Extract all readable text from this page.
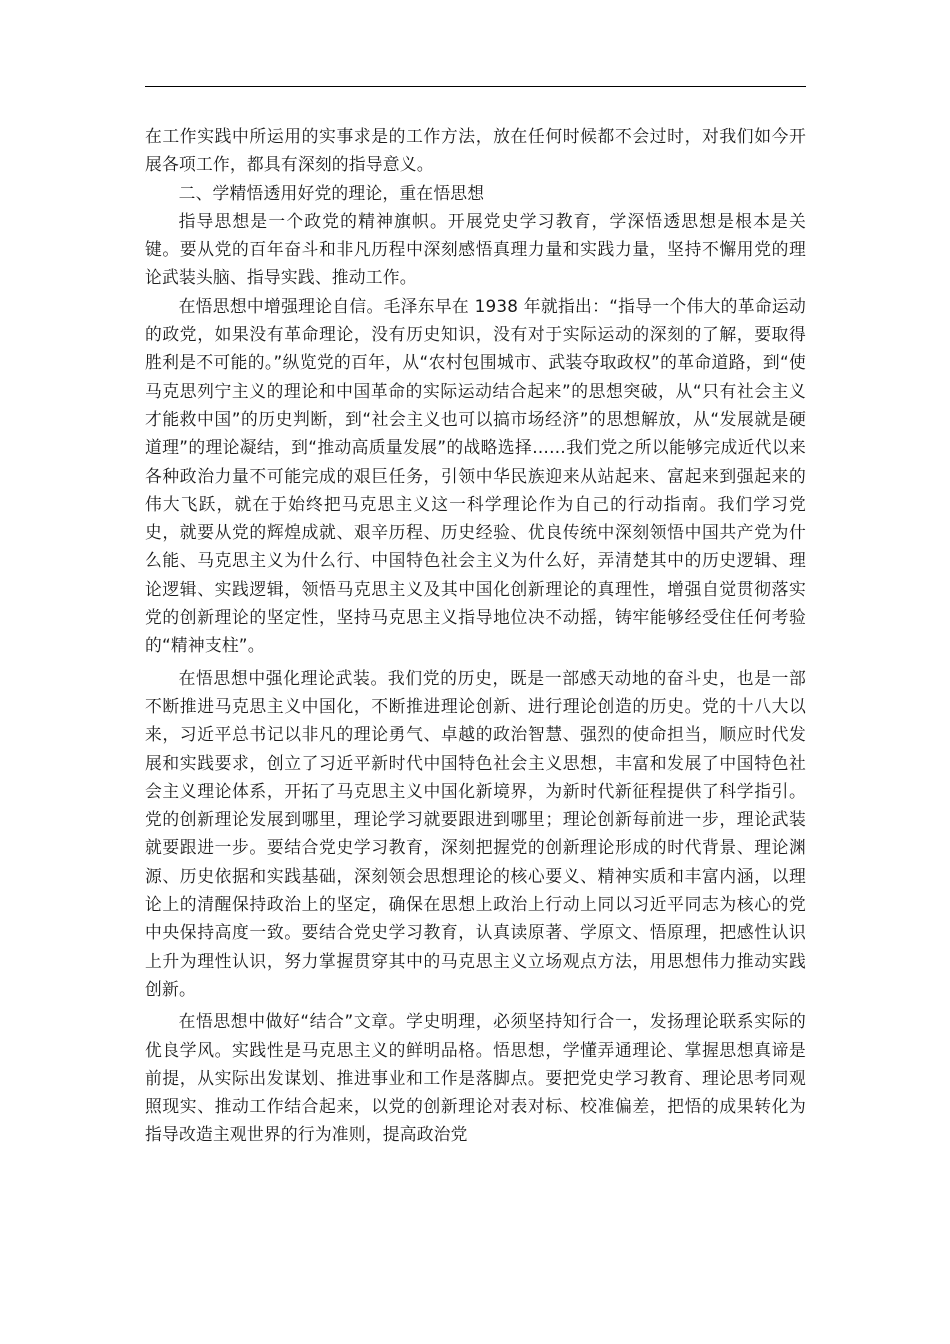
在工作实践中所运用的实事求是的工作方法，放在任何时候都不会过时，对我们如今开展各项工作，都具有深刻的指导意义。

二、学精悟透用好党的理论，重在悟思想

指导思想是一个政党的精神旗帜。开展党史学习教育，学深悟透思想是根本是关键。要从党的百年奋斗和非凡历程中深刻感悟真理力量和实践力量，坚持不懈用党的理论武装头脑、指导实践、推动工作。

在悟思想中增强理论自信。毛泽东早在 1938 年就指出：“指导一个伟大的革命运动的政党，如果没有革命理论，没有历史知识，没有对于实际运动的深刻的了解，要取得胜利是不可能的。”纵览党的百年，从“农村包围城市、武装夺取政权”的革命道路，到“使马克思列宁主义的理论和中国革命的实际运动结合起来”的思想突破，从“只有社会主义才能救中国”的历史判断，到“社会主义也可以搞市场经济”的思想解放，从“发展就是硬道理”的理论凝结，到“推动高质量发展”的战略选择……我们党之所以能够完成近代以来各种政治力量不可能完成的艰巨任务，引领中华民族迎来从站起来、富起来到强起来的伟大飞跃，就在于始终把马克思主义这一科学理论作为自己的行动指南。我们学习党史，就要从党的辉煌成就、艰辛历程、历史经验、优良传统中深刻领悟中国共产党为什么能、马克思主义为什么行、中国特色社会主义为什么好，弄清楚其中的历史逻辑、理论逻辑、实践逻辑，领悟马克思主义及其中国化创新理论的真理性，增强自觉贯彻落实党的创新理论的坚定性，坚持马克思主义指导地位决不动摇，铸牢能够经受住任何考验的“精神支柱”。

在悟思想中强化理论武装。我们党的历史，既是一部感天动地的奋斗史，也是一部不断推进马克思主义中国化，不断推进理论创新、进行理论创造的历史。党的十八大以来，习近平总书记以非凡的理论勇气、卓越的政治智慧、强烈的使命担当，顺应时代发展和实践要求，创立了习近平新时代中国特色社会主义思想，丰富和发展了中国特色社会主义理论体系，开拓了马克思主义中国化新境界，为新时代新征程提供了科学指引。党的创新理论发展到哪里，理论学习就要跟进到哪里；理论创新每前进一步，理论武装就要跟进一步。要结合党史学习教育，深刻把握党的创新理论形成的时代背景、理论渊源、历史依据和实践基础，深刻领会思想理论的核心要义、精神实质和丰富内涵，以理论上的清醒保持政治上的坚定，确保在思想上政治上行动上同以习近平同志为核心的党中央保持高度一致。要结合党史学习教育，认真读原著、学原文、悟原理，把感性认识上升为理性认识，努力掌握贯穿其中的马克思主义立场观点方法，用思想伟力推动实践创新。

在悟思想中做好“结合”文章。学史明理，必须坚持知行合一，发扬理论联系实际的优良学风。实践性是马克思主义的鲜明品格。悟思想，学懂弄通理论、掌握思想真谛是前提，从实际出发谋划、推进事业和工作是落脚点。要把党史学习教育、理论思考同观照现实、推动工作结合起来，以党的创新理论对表对标、校准偏差，把悟的成果转化为指导改造主观世界的行为准则，提高政治党
